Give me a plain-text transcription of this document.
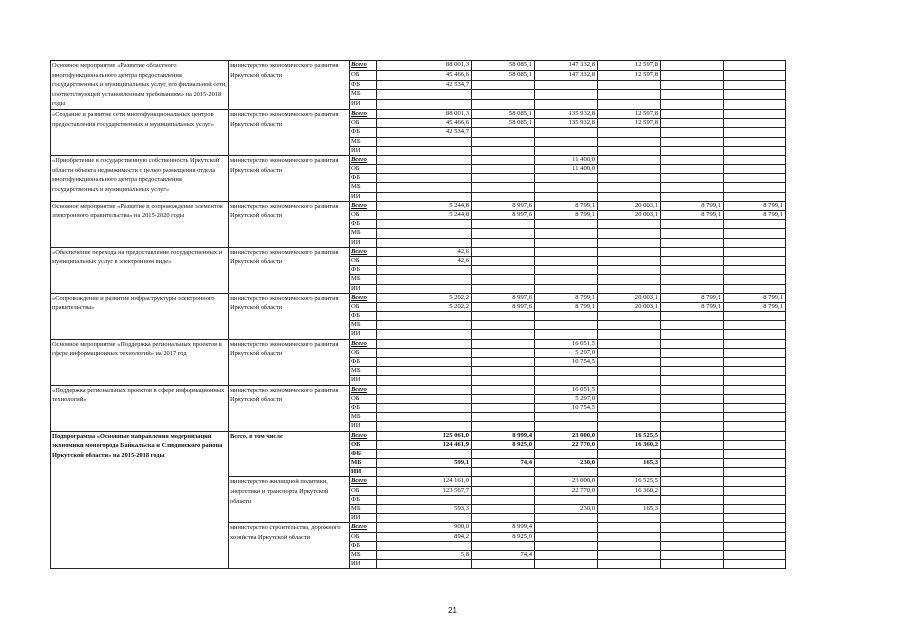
Основное мероприятие «Развитие областного многофункционального центра предоставления государственных и муниципальных услуг, его филиальной сети, соответствующей установленным требованиям» на 2015-2018 годы	министерство экономического развития Иркутской области	Всего	88 001,3	58 085,1	147 332,8	12 597,8		
		ОБ	45 466,6	58 085,1	147 332,8	12 597,8		
		ФБ	42 534,7					
		МБ						
		ИИ						
«Создание и развитие сети многофункциональных центров предоставления государственных и муниципальных услуг»	министерство экономического развития Иркутской области	Всего	88 001,3	58 085,1	135 932,8	12 597,8		
		ОБ	45 466,6	58 085,1	135 932,8	12 597,8		
		ФБ	42 534,7					
		МБ						
		ИИ						
«Приобретение в государственную собственность Иркутской области объекта недвижимости с целью размещения отдела многофункционального центра предоставления государственных и муниципальных услуг»	министерство экономического развития Иркутской области	Всего			11 400,0			
		ОБ			11 400,0			
		ФБ						
		МБ						
		ИИ						
Основное мероприятие «Развитие и сопровождение элементов электронного правительства» на 2015-2020 годы	министерство экономического развития Иркутской области	Всего	5 244,8	8 997,6	8 799,1	20 003,1	8 799,1	8 799,1
		ОБ	5 244,8	8 997,6	8 799,1	20 003,1	8 799,1	8 799,1
		ФБ						
		МБ						
		ИИ						
«Обеспечение перехода на предоставление государственных и муниципальных услуг в электронном виде»	министерство экономического развития Иркутской области	Всего	42,6					
		ОБ	42,6					
		ФБ						
		МБ						
		ИИ						
«Сопровождение и развитие инфраструктуры электронного правительства»	министерство экономического развития Иркутской области	Всего	5 202,2	8 997,6	8 799,1	20 003,1	8 799,1	8 799,1
		ОБ	5 202,2	8 997,6	8 799,1	20 003,1	8 799,1	8 799,1
		ФБ						
		МБ						
		ИИ						
Основное мероприятие «Поддержка региональных проектов в сфере информационных технологий» на 2017 год	министерство экономического развития Иркутской области	Всего			16 051,5			
		ОБ			5 297,0			
		ФБ			10 754,5			
		МБ						
		ИИ						
«Поддержка региональных проектов в сфере информационных технологий»	министерство экономического развития Иркутской области	Всего			16 051,5			
		ОБ			5 297,0			
		ФБ			10 754,5			
		МБ						
		ИИ						
Подпрограмма «Основные направления модернизации экономики моногорода Байкальска и Слюдянского района Иркутской области» на 2015-2018 годы	Всего, в том числе	Всего	125 061,0	8 999,4	23 000,0	16 525,5		
		ОБ	124 461,9	8 925,0	22 770,0	16 360,2		
		ФБ						
		МБ	599,1	74,4	230,0	165,3		
		ИИ						
	министерство жилищной политики, энергетики и транспорта Иркутской области	Всего	124 161,0		23 000,0	16 525,5		
		ОБ	123 567,7		22 770,0	16 360,2		
		ФБ						
		МБ	593,3		230,0	165,3		
		ИИ						
	министерство строительства, дорожного хозяйства Иркутской области	Всего	900,0	8 999,4				
		ОБ	894,2	8 925,0				
		ФБ						
		МБ	5,8	74,4				
		ИИ						
21
